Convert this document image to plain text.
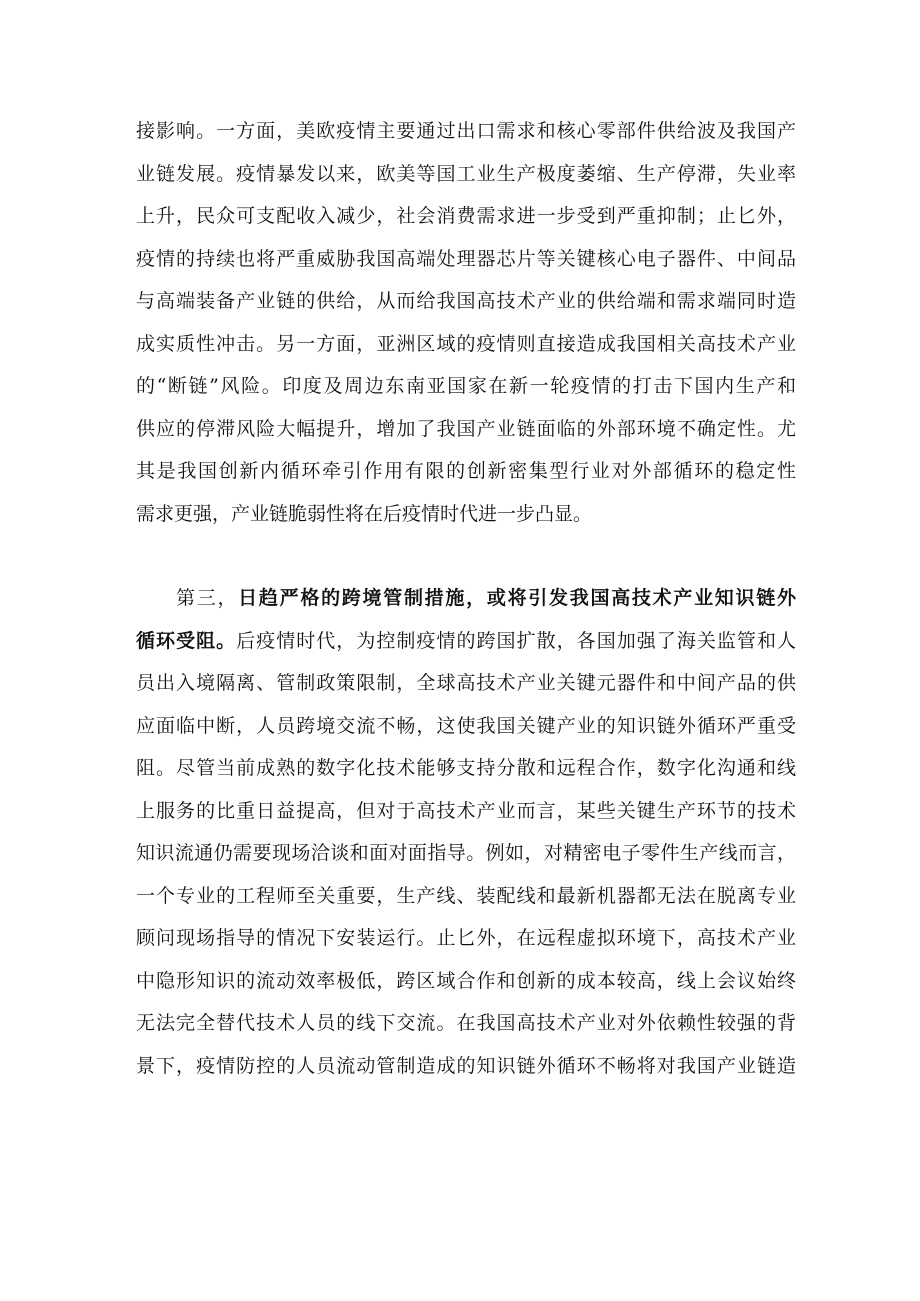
接影响。一方面，美欧疫情主要通过出口需求和核心零部件供给波及我国产
业链发展。疫情暴发以来，欧美等国工业生产极度萎缩、生产停滞，失业率
上升，民众可支配收入减少，社会消费需求进一步受到严重抑制；止匕外，
疫情的持续也将严重威胁我国高端处理器芯片等关键核心电子器件、中间品
与高端装备产业链的供给，从而给我国高技术产业的供给端和需求端同时造
成实质性冲击。另一方面，亚洲区域的疫情则直接造成我国相关高技术产业
的“断链”风险。印度及周边东南亚国家在新一轮疫情的打击下国内生产和
供应的停滞风险大幅提升，增加了我国产业链面临的外部环境不确定性。尤
其是我国创新内循环牵引作用有限的创新密集型行业对外部循环的稳定性
需求更强，产业链脆弱性将在后疫情时代进一步凸显。
第三，日趋严格的跨境管制措施，或将引发我国高技术产业知识链外
循环受阻。后疫情时代，为控制疫情的跨国扩散，各国加强了海关监管和人
员出入境隔离、管制政策限制，全球高技术产业关键元器件和中间产品的供
应面临中断，人员跨境交流不畅，这使我国关键产业的知识链外循环严重受
阻。尽管当前成熟的数字化技术能够支持分散和远程合作，数字化沟通和线
上服务的比重日益提高，但对于高技术产业而言，某些关键生产环节的技术
知识流通仍需要现场洽谈和面对面指导。例如，对精密电子零件生产线而言，
一个专业的工程师至关重要，生产线、装配线和最新机器都无法在脱离专业
顾问现场指导的情况下安装运行。止匕外，在远程虚拟环境下，高技术产业
中隐形知识的流动效率极低，跨区域合作和创新的成本较高，线上会议始终
无法完全替代技术人员的线下交流。在我国高技术产业对外依赖性较强的背
景下，疫情防控的人员流动管制造成的知识链外循环不畅将对我国产业链造
